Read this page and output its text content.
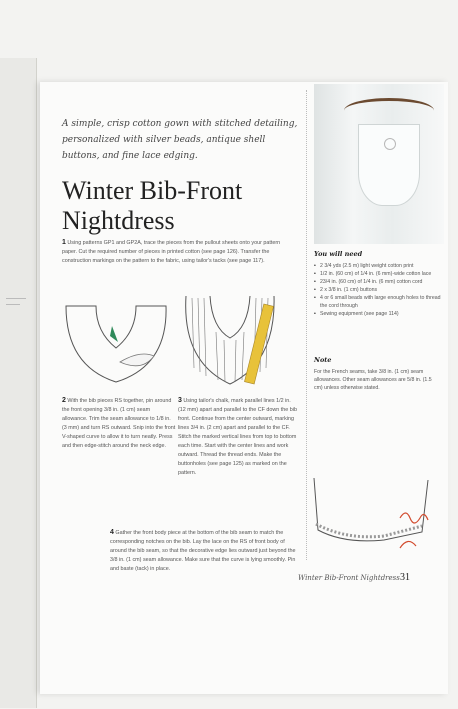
A simple, crisp cotton gown with stitched detailing, personalized with silver beads, antique shell buttons, and fine lace edging.
Winter Bib-Front Nightdress
1 Using patterns GP1 and GP2A, trace the pieces from the pullout sheets onto your pattern paper. Cut the required number of pieces in printed cotton (see page 126). Transfer the construction markings on the pattern to the fabric, using tailor's tacks (see page 117).
2 With the bib pieces RS together, pin around the front opening 3/8 in. (1 cm) seam allowance. Trim the seam allowance to 1/8 in. (3 mm) and turn RS outward. Snip into the front V-shaped curve to allow it to turn neatly. Press and then edge-stitch around the neck edge.
3 Using tailor's chalk, mark parallel lines 1/2 in. (12 mm) apart and parallel to the CF down the bib front. Continue from the center outward, marking lines 3/4 in. (2 cm) apart and parallel to the CF. Stitch the marked vertical lines from top to bottom each time. Start with the center lines and work outward. Thread the thread ends. Make the buttonholes (see page 125) as marked on the pattern.
4 Gather the front body piece at the bottom of the bib seam to match the corresponding notches on the bib. Lay the lace on the RS of front body of around the bib seam, so that the decorative edge lies outward just beyond the 3/8 in. (1 cm) seam allowance. Make sure that the curve is lying smoothly. Pin and baste (tack) in place.
You will need
• 2 3/4 yds (2.5 m) light weight cotton print
• 1/2 in. (60 cm) of 1/4 in. (6 mm)-wide cotton lace
• 23/4 in. (60 cm) of 1/4 in. (6 mm) cotton cord
• 2 x 3/8 in. (1 cm) buttons
• 4 or 6 small beads with large enough holes to thread the cord through
• Sewing equipment (see page 114)
Note
For the French seams, take 3/8 in. (1 cm) seam allowances. Other seam allowances are 5/8 in. (1.5 cm) unless otherwise stated.
Winter Bib-Front Nightdress 31
